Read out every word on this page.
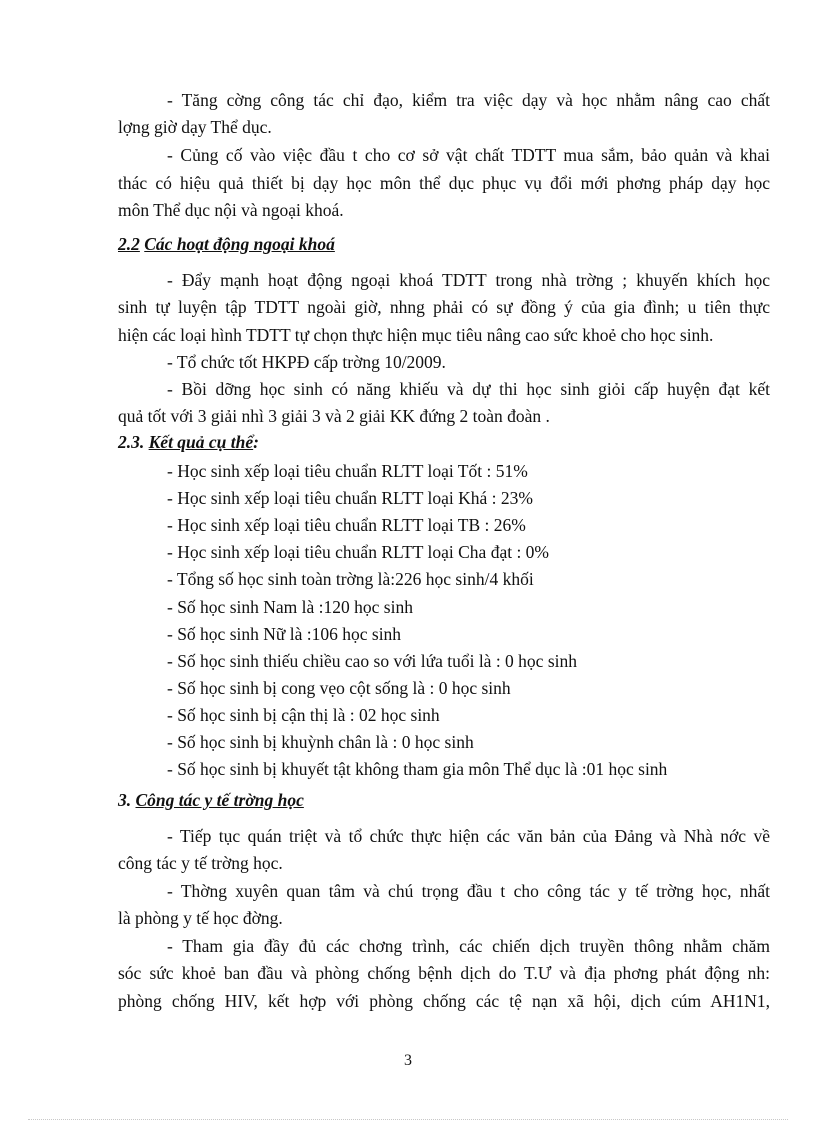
- Tăng cờng công tác chỉ đạo, kiểm tra việc dạy và học nhằm nâng cao chất
lợng giờ dạy Thể dục.
- Củng cố vào việc đầu t cho cơ sở vật chất TDTT mua sắm, bảo quản và khai
thác có hiệu quả thiết bị dạy học môn thể dục phục vụ đổi mới phơng pháp dạy học
môn Thể dục nội và ngoại khoá.
2.2 Các hoạt động ngoại khoá
- Đẩy mạnh hoạt động ngoại khoá TDTT trong nhà trờng ; khuyến khích học
sinh tự luyện tập TDTT ngoài giờ, nhng phải có sự đồng ý của gia đình; u tiên thực
hiện các loại hình TDTT tự chọn thực hiện mục tiêu nâng cao sức khoẻ cho học sinh.
- Tổ chức tốt HKPĐ cấp trờng 10/2009.
- Bồi dỡng học sinh có năng khiếu và dự thi học sinh giỏi cấp huyện đạt kết
quả tốt với 3 giải nhì 3 giải 3 và 2 giải KK đứng 2 toàn đoàn .
2.3. Kết quả cụ thể:
- Học sinh xếp loại tiêu chuẩn RLTT loại Tốt : 51%
- Học sinh xếp loại tiêu chuẩn RLTT loại Khá : 23%
- Học sinh xếp loại tiêu chuẩn RLTT loại TB : 26%
- Học sinh xếp loại tiêu chuẩn RLTT loại Cha đạt : 0%
- Tổng số học sinh toàn trờng là:226 học sinh/4 khối
- Số học sinh Nam là :120 học sinh
- Số học sinh Nữ là :106 học sinh
- Số học sinh thiếu chiều cao so với lứa tuổi là : 0 học sinh
- Số học sinh bị cong vẹo cột sống là : 0 học sinh
- Số học sinh bị cận thị là : 02 học sinh
- Số học sinh bị khuỳnh chân là : 0 học sinh
- Số học sinh bị khuyết tật không tham gia môn Thể dục là :01 học sinh
3. Công tác y tế trờng học
- Tiếp tục quán triệt và tổ chức thực hiện các văn bản của Đảng và Nhà nớc về
công tác y tế trờng học.
- Thờng xuyên quan tâm và chú trọng đầu t cho công tác y tế trờng học, nhất
là phòng y tế học đờng.
- Tham gia đầy đủ các chơng trình, các chiến dịch truyền thông nhằm chăm
sóc sức khoẻ ban đầu và phòng chống bệnh dịch do T.Ư và địa phơng phát động nh:
phòng chống HIV, kết hợp với phòng chống các tệ nạn xã hội, dịch cúm AH1N1,
3
